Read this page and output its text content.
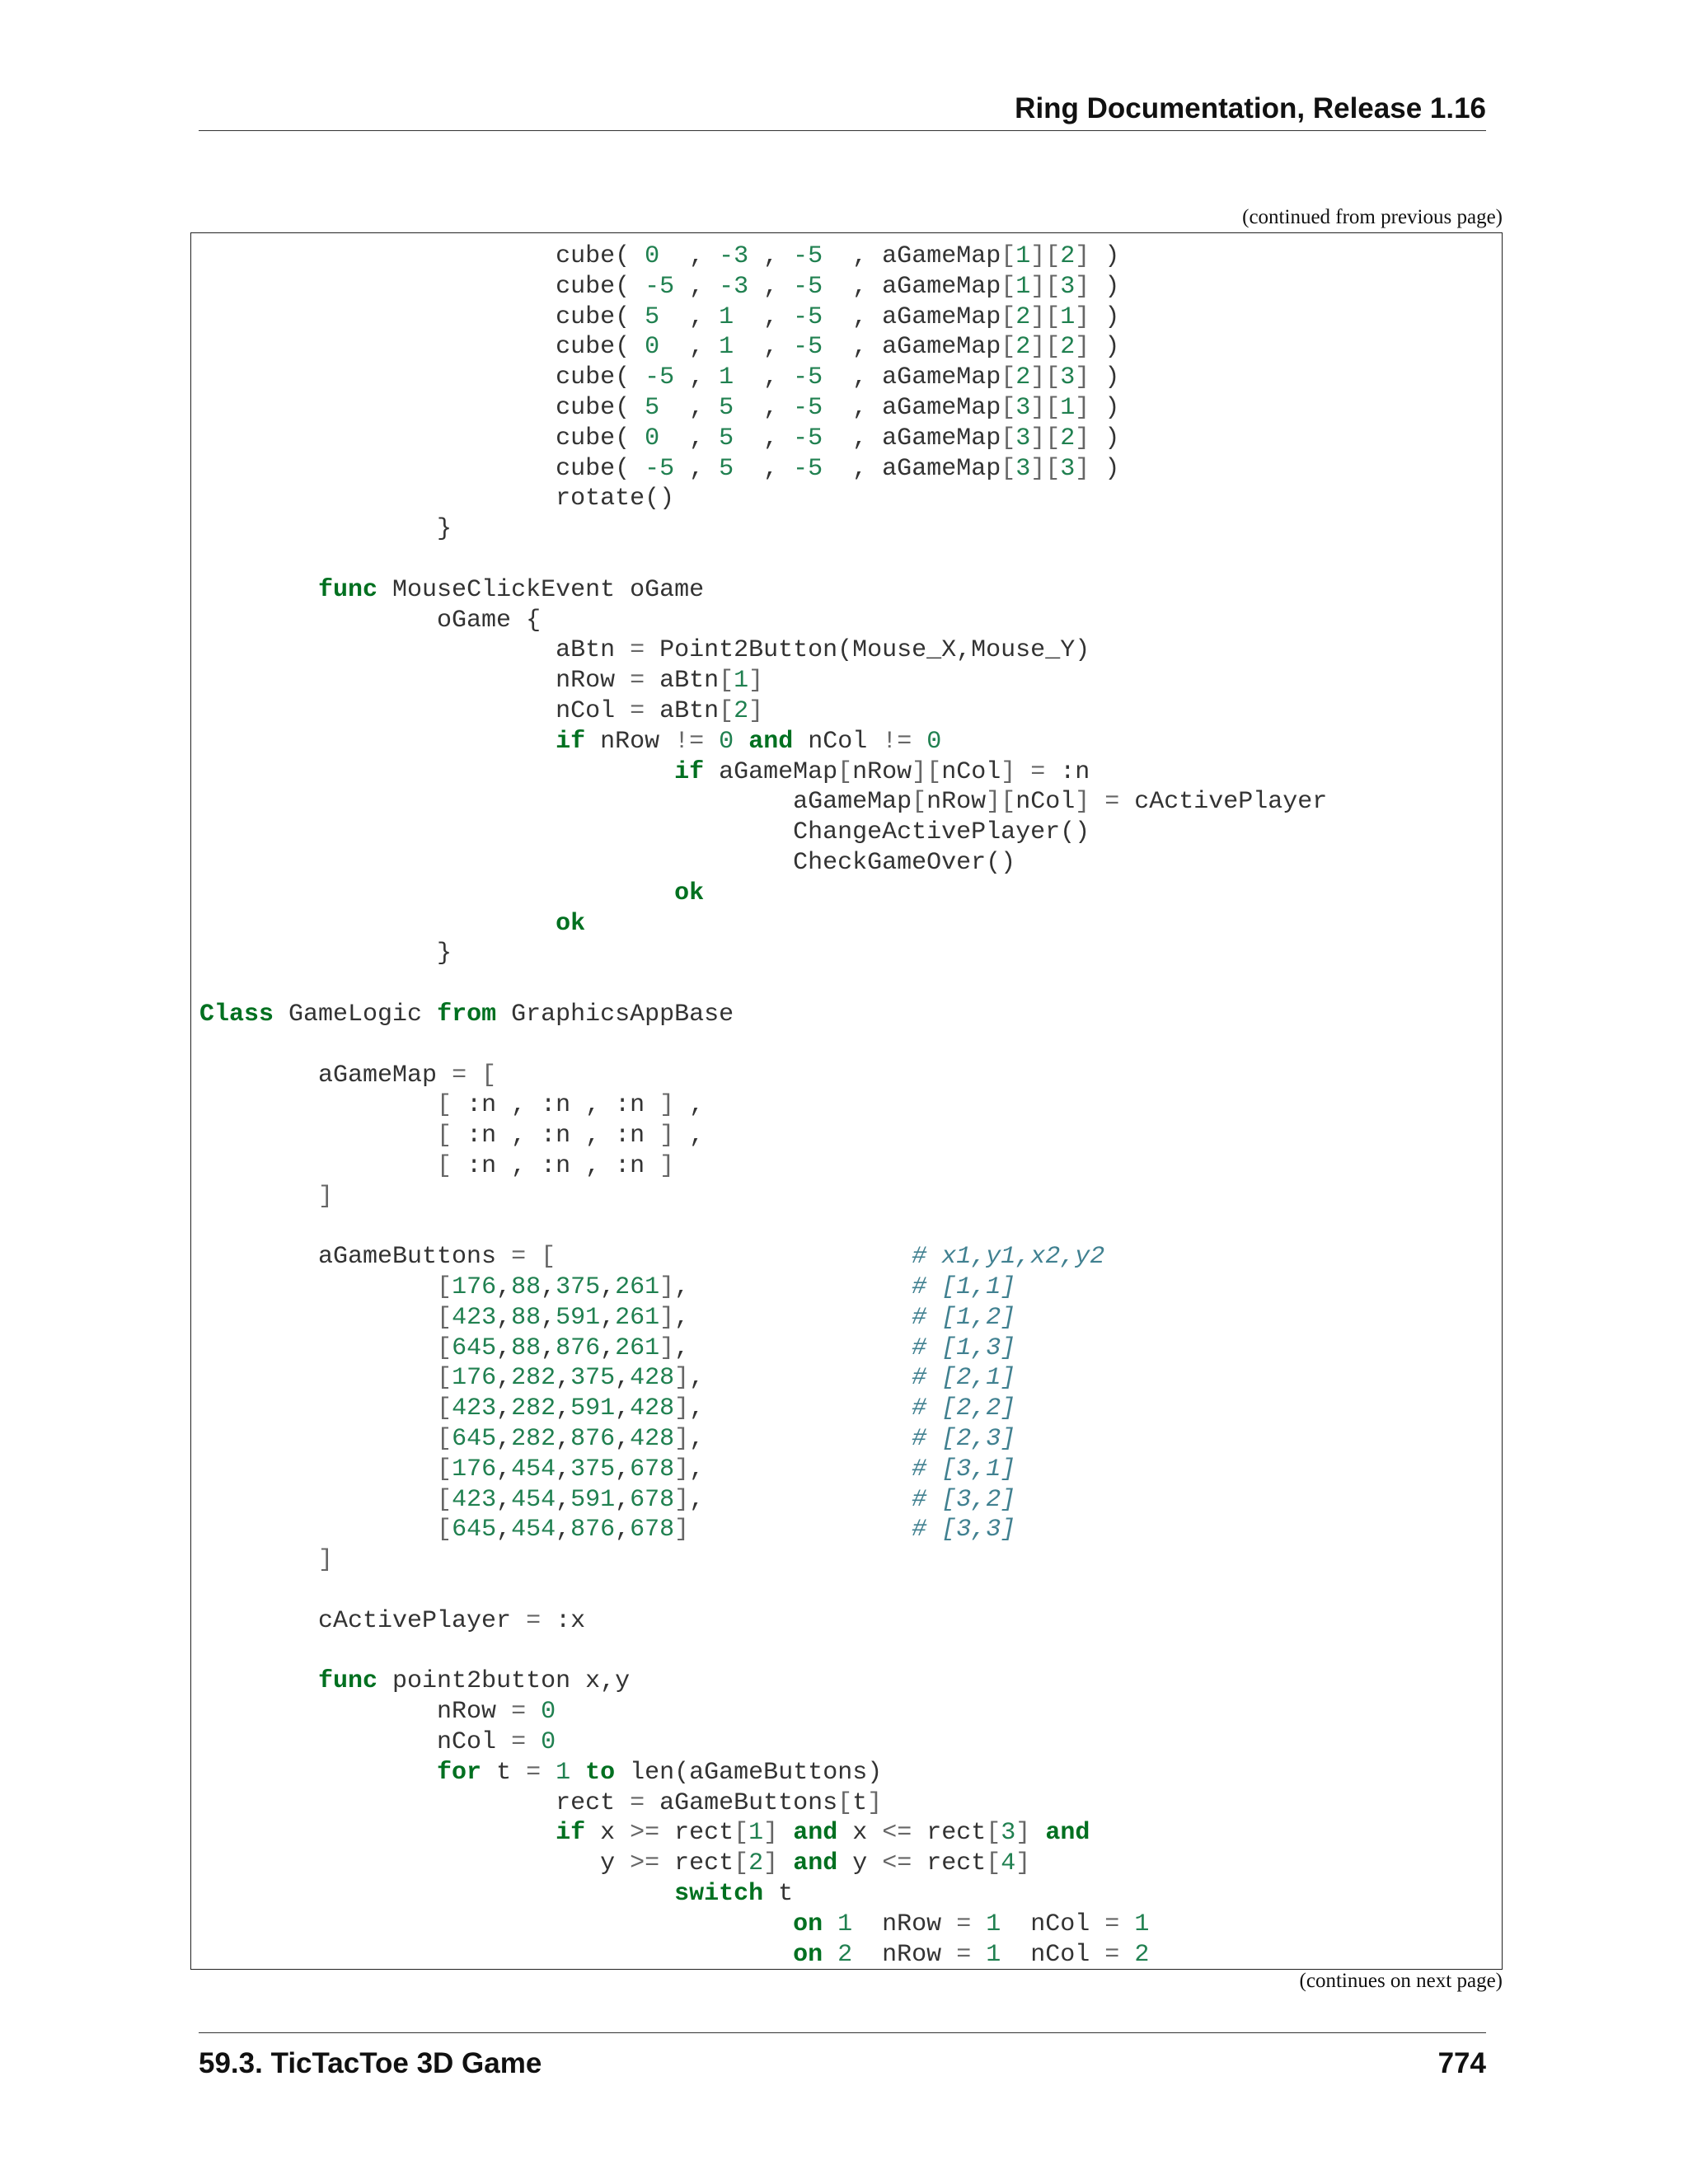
Ring Documentation, Release 1.16
(continued from previous page)
cube( 0  , -3 , -5  , aGameMap[1][2] )
cube( -5 , -3 , -5  , aGameMap[1][3] )
cube( 5  , 1  , -5  , aGameMap[2][1] )
cube( 0  , 1  , -5  , aGameMap[2][2] )
cube( -5 , 1  , -5  , aGameMap[2][3] )
cube( 5  , 5  , -5  , aGameMap[3][1] )
cube( 0  , 5  , -5  , aGameMap[3][2] )
cube( -5 , 5  , -5  , aGameMap[3][3] )
rotate()
}

func MouseClickEvent oGame
oGame {
aBtn = Point2Button(Mouse_X,Mouse_Y)
nRow = aBtn[1]
nCol = aBtn[2]
if nRow != 0 and nCol != 0
if aGameMap[nRow][nCol] = :n
aGameMap[nRow][nCol] = cActivePlayer
ChangeActivePlayer()
CheckGameOver()
ok
ok
}

Class GameLogic from GraphicsAppBase

aGameMap = [
[ :n , :n , :n ] ,
[ :n , :n , :n ] ,
[ :n , :n , :n ]
]

aGameButtons = [	# x1,y1,x2,y2
[176,88,375,261],               # [1,1]
[423,88,591,261],               # [1,2]
[645,88,876,261],               # [1,3]
[176,282,375,428],              # [2,1]
[423,282,591,428],              # [2,2]
[645,282,876,428],              # [2,3]
[176,454,375,678],              # [3,1]
[423,454,591,678],              # [3,2]
[645,454,876,678]	# [3,3]
]

cActivePlayer = :x

func point2button x,y
nRow = 0
nCol = 0
for t = 1 to len(aGameButtons)
rect = aGameButtons[t]
if x >= rect[1] and x <= rect[3] and
y >= rect[2] and y <= rect[4]
switch t
on 1  nRow = 1  nCol = 1
on 2  nRow = 1  nCol = 2
(continues on next page)
59.3. TicTacToe 3D Game	774
